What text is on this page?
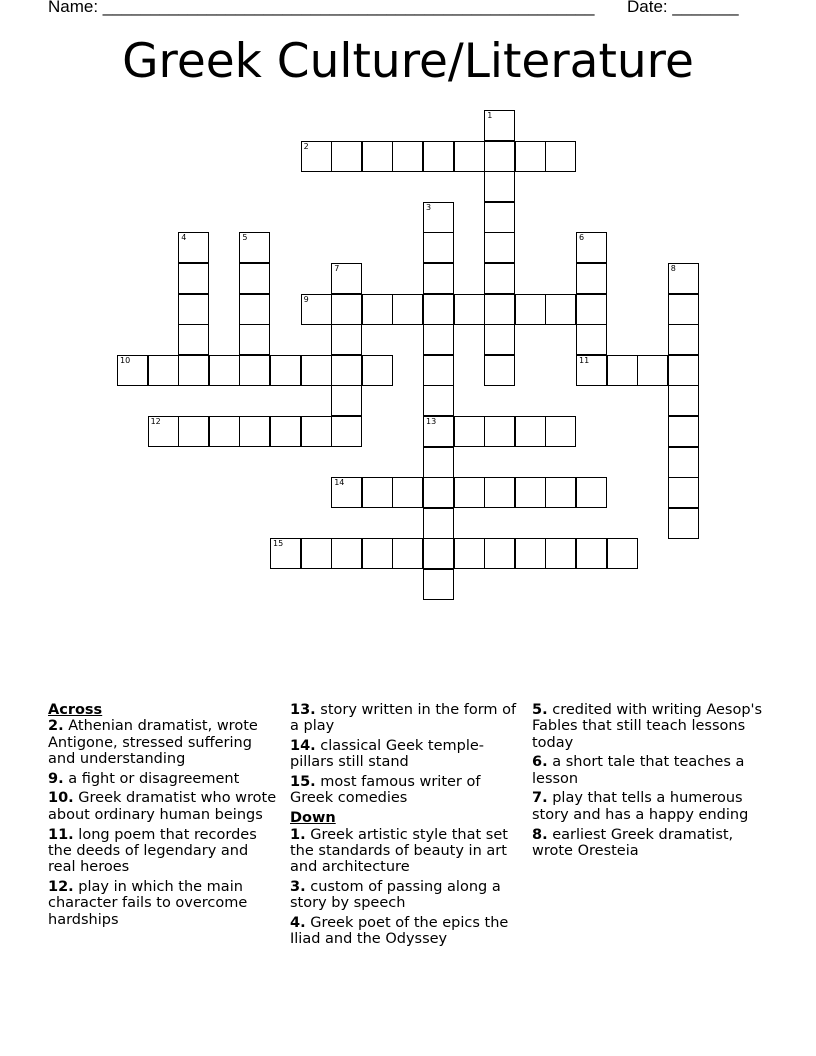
Name: ____________________________________________________ Date: _______
Greek Culture/Literature
2
9
10	11
12	13
14
15
1
3
4	5	6
7	8
Across
2. Athenian dramatist, wrote Antigone, stressed suffering and understanding
9. a fight or disagreement
10. Greek dramatist who wrote about ordinary human beings
11. long poem that recordes the deeds of legendary and real heroes
12. play in which the main character fails to overcome hardships
13. story written in the form of a play
14. classical Geek temple-pillars still stand
15. most famous writer of Greek comedies
Down
1. Greek artistic style that set the standards of beauty in art and architecture
3. custom of passing along a story by speech
4. Greek poet of the epics the Iliad and the Odyssey
5. credited with writing Aesop's Fables that still teach lessons today
6. a short tale that teaches a lesson
7. play that tells a humerous story and has a happy ending
8. earliest Greek dramatist, wrote Oresteia
